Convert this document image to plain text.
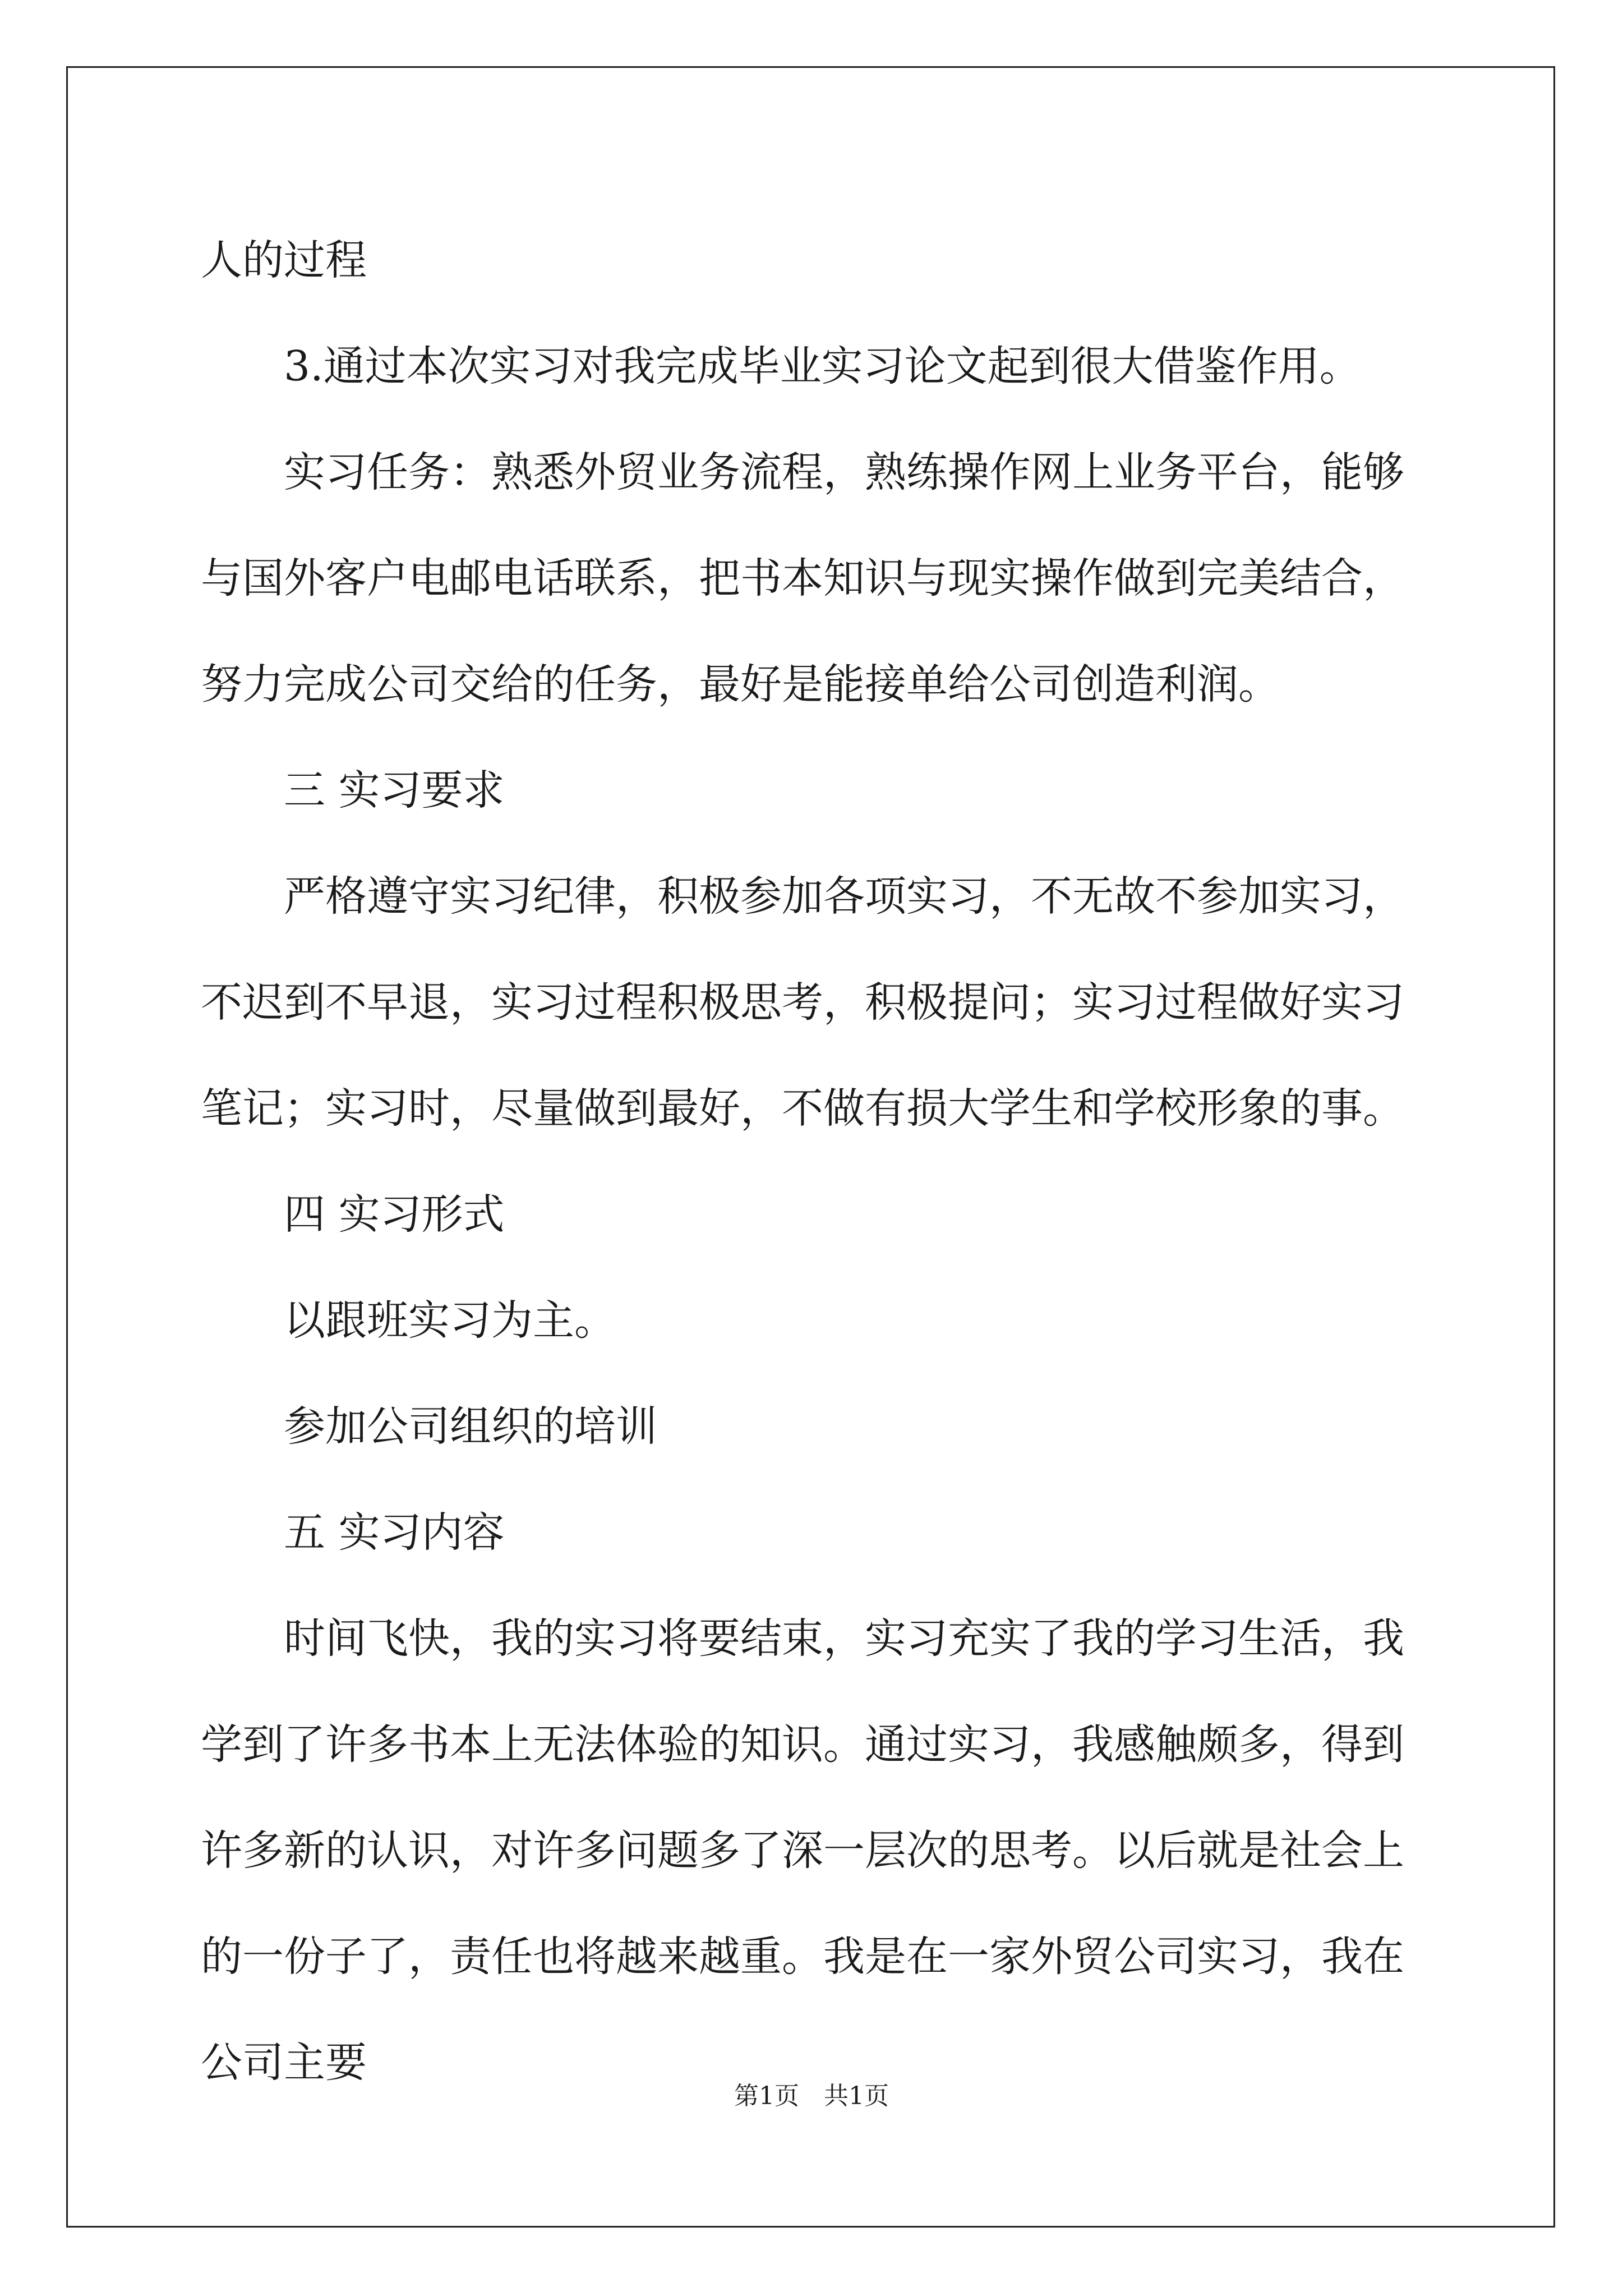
人的过程

3.通过本次实习对我完成毕业实习论文起到很大借鉴作用。

实习任务：熟悉外贸业务流程，熟练操作网上业务平台，能够与国外客户电邮电话联系，把书本知识与现实操作做到完美结合，努力完成公司交给的任务，最好是能接单给公司创造利润。

三 实习要求

严格遵守实习纪律，积极参加各项实习，不无故不参加实习，不迟到不早退，实习过程积极思考，积极提问；实习过程做好实习笔记；实习时，尽量做到最好，不做有损大学生和学校形象的事。

四 实习形式

以跟班实习为主。

参加公司组织的培训

五 实习内容

时间飞快，我的实习将要结束，实习充实了我的学习生活，我学到了许多书本上无法体验的知识。通过实习，我感触颇多，得到许多新的认识，对许多问题多了深一层次的思考。以后就是社会上的一份子了，责任也将越来越重。我是在一家外贸公司实习，我在公司主要

第1页　共1页
